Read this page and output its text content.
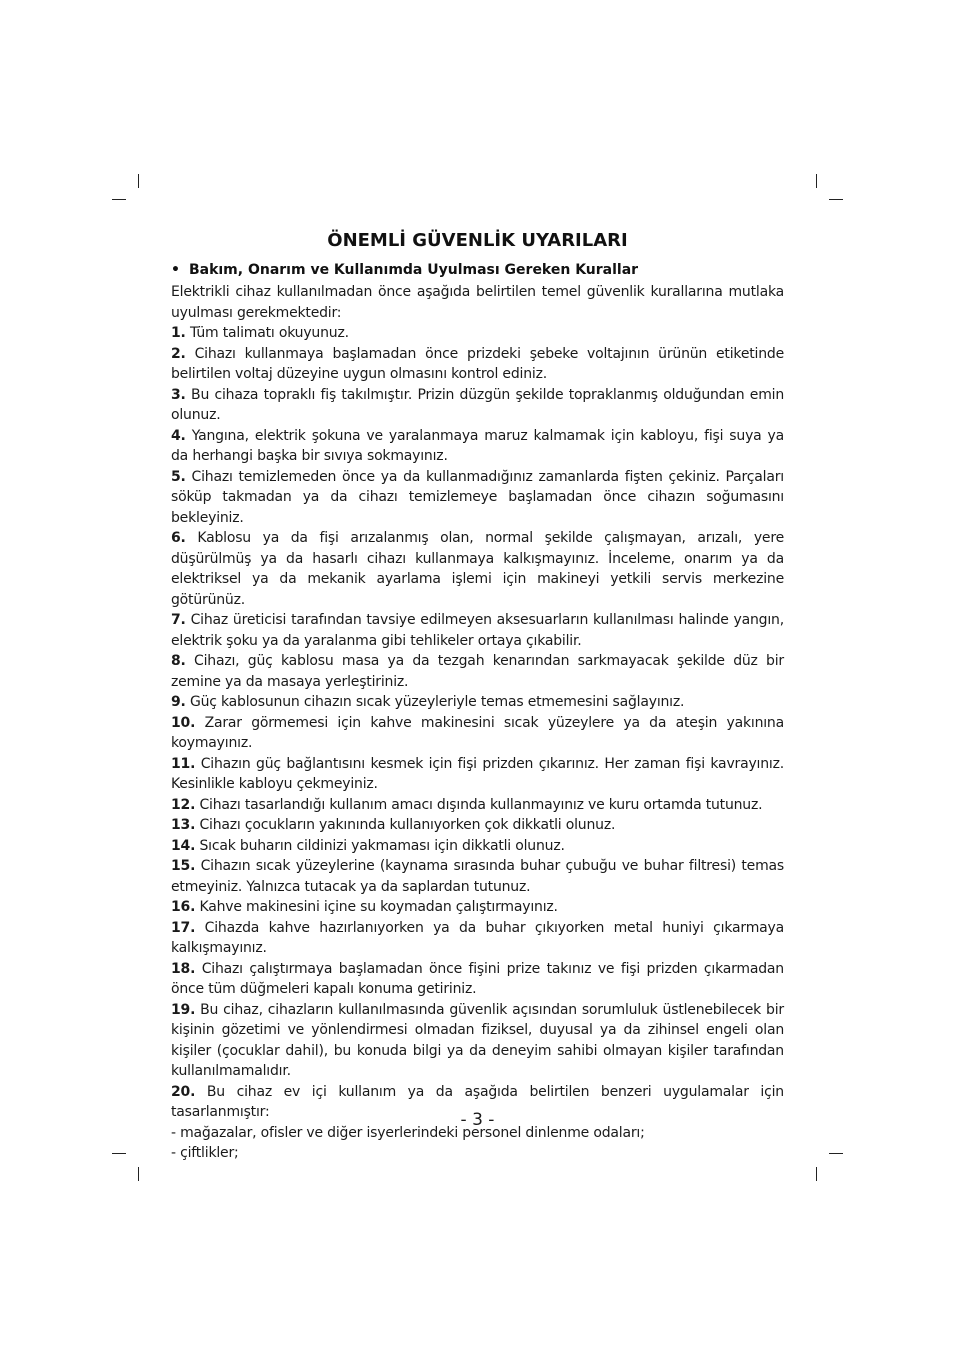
ÖNEMLİ GÜVENLİK UYARILARI
• Bakım, Onarım ve Kullanımda Uyulması Gereken Kurallar

Elektrikli cihaz kullanılmadan önce aşağıda belirtilen temel güvenlik kurallarına mutlaka uyulması gerekmektedir:

1. Tüm talimatı okuyunuz.

2. Cihazı kullanmaya başlamadan önce prizdeki şebeke voltajının ürünün etiketinde belirtilen voltaj düzeyine uygun olmasını kontrol ediniz.

3. Bu cihaza topraklı fiş takılmıştır. Prizin düzgün şekilde topraklanmış olduğundan emin olunuz.

4. Yangına, elektrik şokuna ve yaralanmaya maruz kalmamak için kabloyu, fişi suya ya da herhangi başka bir sıvıya sokmayınız.

5. Cihazı temizlemeden önce ya da kullanmadığınız zamanlarda fişten çekiniz. Parçaları söküp takmadan ya da cihazı temizlemeye başlamadan önce cihazın soğumasını bekleyiniz.

6. Kablosu ya da fişi arızalanmış olan, normal şekilde çalışmayan, arızalı, yere düşürülmüş ya da hasarlı cihazı kullanmaya kalkışmayınız. İnceleme, onarım ya da elektriksel ya da mekanik ayarlama işlemi için makineyi yetkili servis merkezine götürünüz.

7. Cihaz üreticisi tarafından tavsiye edilmeyen aksesuarların kullanılması halinde yangın, elektrik şoku ya da yaralanma gibi tehlikeler ortaya çıkabilir.

8. Cihazı, güç kablosu masa ya da tezgah kenarından sarkmayacak şekilde düz bir zemine ya da masaya yerleştiriniz.

9. Güç kablosunun cihazın sıcak yüzeyleriyle temas etmemesini sağlayınız.

10. Zarar görmemesi için kahve makinesini sıcak yüzeylere ya da ateşin yakınına koymayınız.

11. Cihazın güç bağlantısını kesmek için fişi prizden çıkarınız. Her zaman fişi kavrayınız. Kesinlikle kabloyu çekmeyiniz.

12. Cihazı tasarlandığı kullanım amacı dışında kullanmayınız ve kuru ortamda tutunuz.

13. Cihazı çocukların yakınında kullanıyorken çok dikkatli olunuz.

14. Sıcak buharın cildinizi yakmaması için dikkatli olunuz.

15. Cihazın sıcak yüzeylerine (kaynama sırasında buhar çubuğu ve buhar filtresi) temas etmeyiniz. Yalnızca tutacak ya da saplardan tutunuz.

16. Kahve makinesini içine su koymadan çalıştırmayınız.

17. Cihazda kahve hazırlanıyorken ya da buhar çıkıyorken metal huniyi çıkarmaya kalkışmayınız.

18. Cihazı çalıştırmaya başlamadan önce fişini prize takınız ve fişi prizden çıkarmadan önce tüm düğmeleri kapalı konuma getiriniz.

19. Bu cihaz, cihazların kullanılmasında güvenlik açısından sorumluluk üstlenebilecek bir kişinin gözetimi ve yönlendirmesi olmadan fiziksel, duyusal ya da zihinsel engeli olan kişiler (çocuklar dahil), bu konuda bilgi ya da deneyim sahibi olmayan kişiler tarafından kullanılmamalıdır.

20. Bu cihaz ev içi kullanım ya da aşağıda belirtilen benzeri uygulamalar için tasarlanmıştır:

- mağazalar, ofisler ve diğer isyerlerindeki personel dinlenme odaları;

- çiftlikler;

- 3 -
